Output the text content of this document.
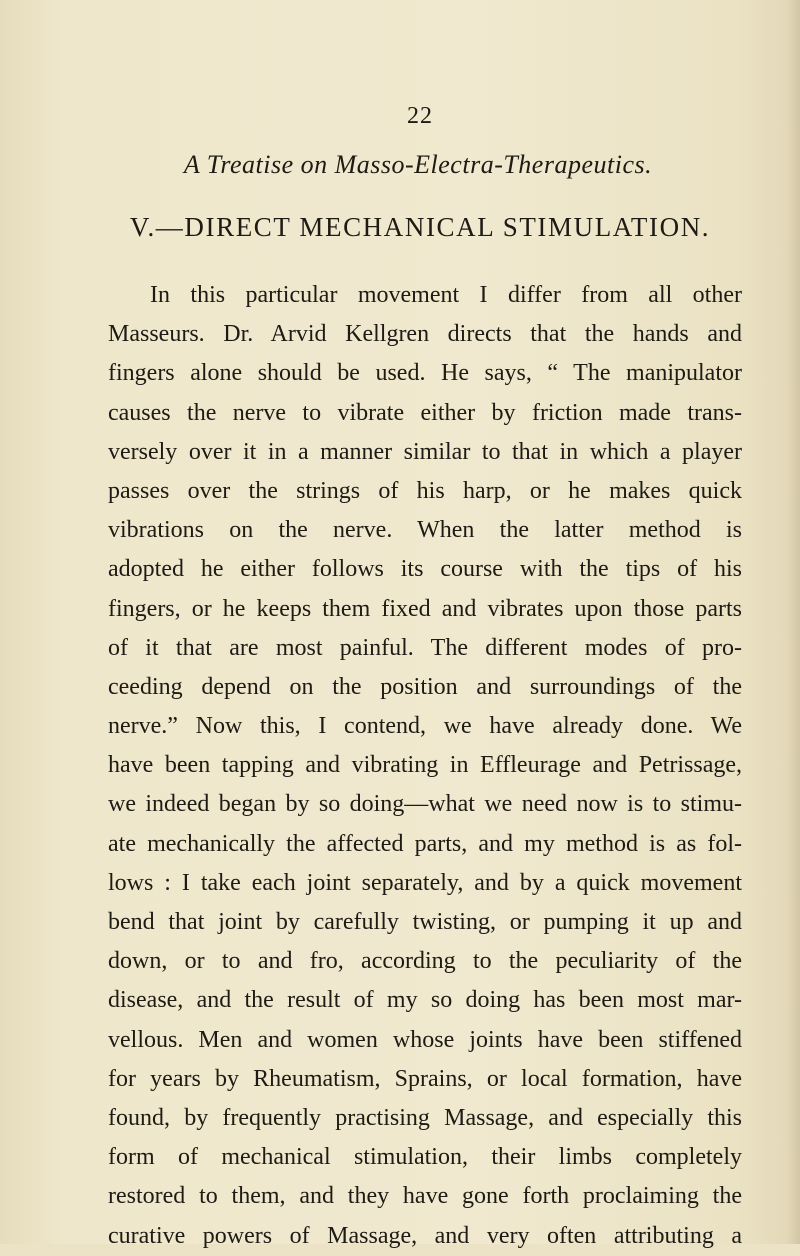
22
A Treatise on Masso-Electra-Therapeutics.
V.—DIRECT MECHANICAL STIMULATION.

In this particular movement I differ from all other
Masseurs. Dr. Arvid Kellgren directs that the hands and
fingers alone should be used. He says, “ The manipulator
causes the nerve to vibrate either by friction made trans-
versely over it in a manner similar to that in which a player
passes over the strings of his harp, or he makes quick
vibrations on the nerve. When the latter method is
adopted he either follows its course with the tips of his
fingers, or he keeps them fixed and vibrates upon those parts
of it that are most painful. The different modes of pro-
ceeding depend on the position and surroundings of the
nerve.” Now this, I contend, we have already done. We
have been tapping and vibrating in Effleurage and Petrissage,
we indeed began by so doing—what we need now is to stimu-
ate mechanically the affected parts, and my method is as fol-
lows : I take each joint separately, and by a quick movement
bend that joint by carefully twisting, or pumping it up and
down, or to and fro, according to the peculiarity of the
disease, and the result of my so doing has been most mar-
vellous. Men and women whose joints have been stiffened
for years by Rheumatism, Sprains, or local formation, have
found, by frequently practising Massage, and especially this
form of mechanical stimulation, their limbs completely
restored to them, and they have gone forth proclaiming the
curative powers of Massage, and very often attributing a
